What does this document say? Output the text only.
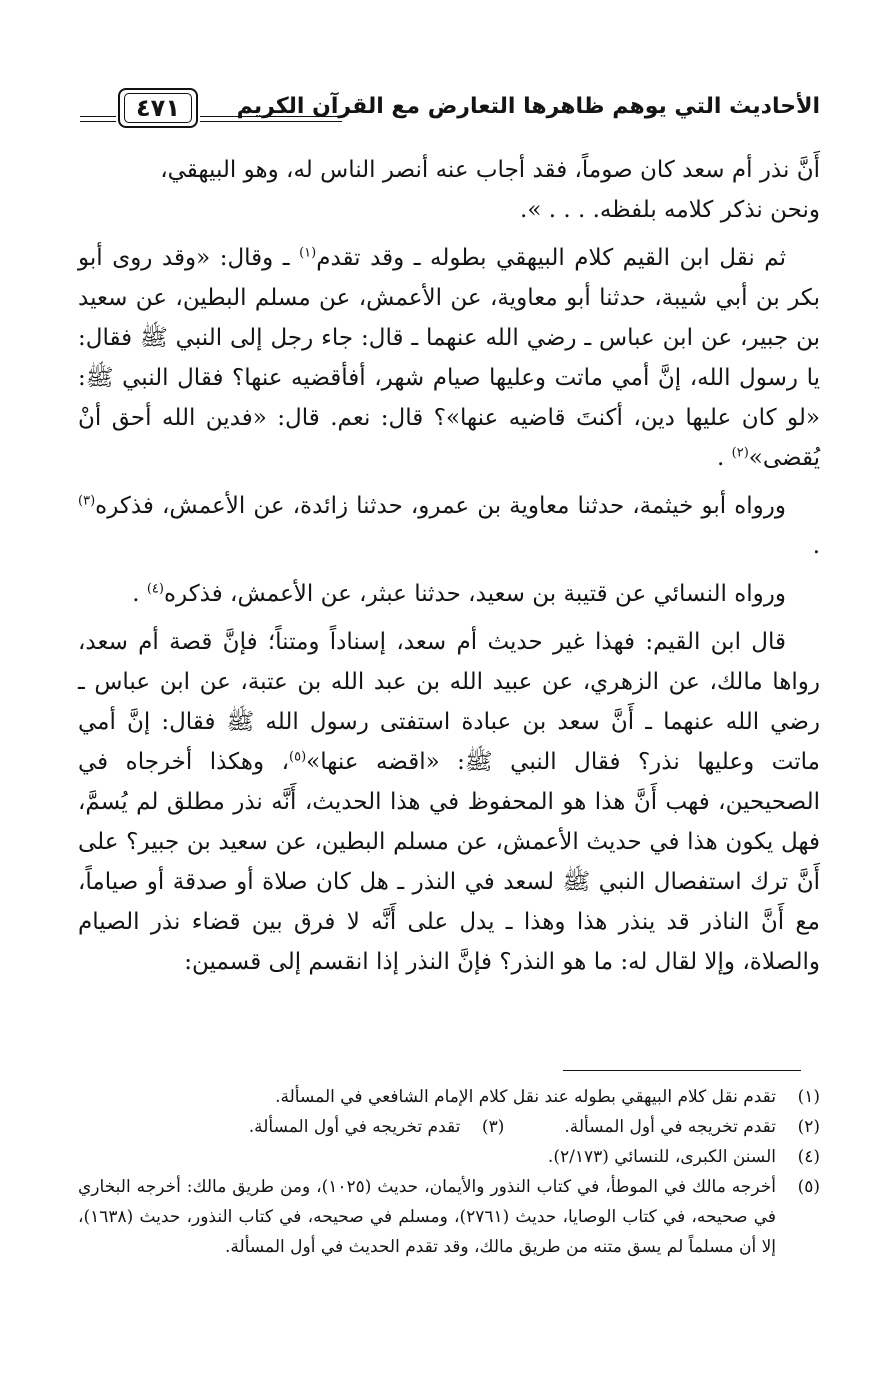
الأحاديث التي يوهم ظاهرها التعارض مع القرآن الكريم
٤٧١

أَنَّ نذر أم سعد كان صوماً، فقد أجاب عنه أنصر الناس له، وهو البيهقي،
ونحن نذكر كلامه بلفظه. . . . ».

ثم نقل ابن القيم كلام البيهقي بطوله ـ وقد تقدم$^{(١)}$ ـ وقال: «وقد روى أبو بكر بن أبي شيبة، حدثنا أبو معاوية، عن الأعمش، عن مسلم البطين، عن سعيد بن جبير، عن ابن عباس ـ رضي الله عنهما ـ قال: جاء رجل إلى النبي ﷺ فقال: يا رسول الله، إنَّ أمي ماتت وعليها صيام شهر، أفأقضيه عنها؟ فقال النبي ﷺ: «لو كان عليها دين، أكنتَ قاضيه عنها»؟ قال: نعم. قال: «فدين الله أحق أنْ يُقضى»$^{(٢)}$ .

ورواه أبو خيثمة، حدثنا معاوية بن عمرو، حدثنا زائدة، عن الأعمش، فذكره$^{(٣)}$ .

ورواه النسائي عن قتيبة بن سعيد، حدثنا عبثر، عن الأعمش، فذكره$^{(٤)}$ .

قال ابن القيم: فهذا غير حديث أم سعد، إسناداً ومتناً؛ فإنَّ قصة أم سعد، رواها مالك، عن الزهري، عن عبيد الله بن عبد الله بن عتبة، عن ابن عباس ـ رضي الله عنهما ـ أَنَّ سعد بن عبادة استفتى رسول الله ﷺ فقال: إنَّ أمي ماتت وعليها نذر؟ فقال النبي ﷺ: «اقضه عنها»$^{(٥)}$، وهكذا أخرجاه في الصحيحين، فهب أَنَّ هذا هو المحفوظ في هذا الحديث، أَنَّه نذر مطلق لم يُسمَّ، فهل يكون هذا في حديث الأعمش، عن مسلم البطين، عن سعيد بن جبير؟ على أَنَّ ترك استفصال النبي ﷺ لسعد في النذر ـ هل كان صلاة أو صدقة أو صياماً، مع أَنَّ الناذر قد ينذر هذا وهذا ـ يدل على أَنَّه لا فرق بين قضاء نذر الصيام والصلاة، وإلا لقال له: ما هو النذر؟ فإنَّ النذر إذا انقسم إلى قسمين:

(١)
تقدم نقل كلام البيهقي بطوله عند نقل كلام الإمام الشافعي في المسألة.
(٢)
تقدم تخريجه في أول المسألة.
(٣)
تقدم تخريجه في أول المسألة.
(٤)
السنن الكبرى، للنسائي (٢/١٧٣).
(٥)
أخرجه مالك في الموطأ، في كتاب النذور والأيمان، حديث (١٠٢٥)، ومن طريق مالك: أخرجه البخاري في صحيحه، في كتاب الوصايا، حديث (٢٧٦١)، ومسلم في صحيحه، في كتاب النذور، حديث (١٦٣٨)، إلا أن مسلماً لم يسق متنه من طريق مالك، وقد تقدم الحديث في أول المسألة.
